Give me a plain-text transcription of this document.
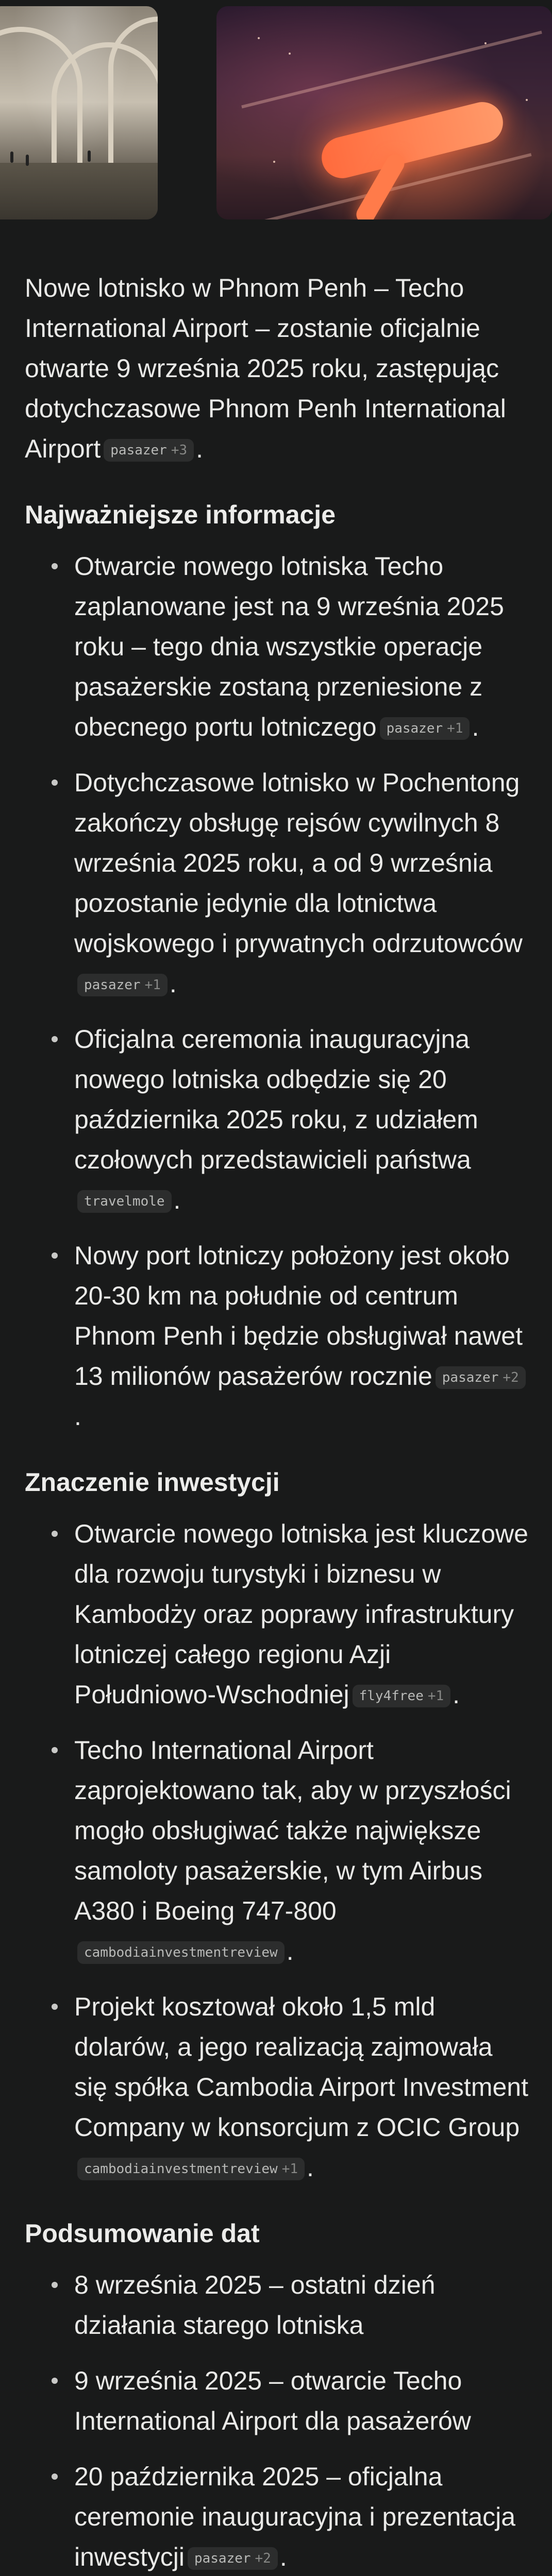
Nowe lotnisko w Phnom Penh – Techo International Airport – zostanie oficjalnie otwarte 9 września 2025 roku, zastępując dotychczasowe Phnom Penh International Airport pasazer +3 .

Najważniejsze informacje
Otwarcie nowego lotniska Techo zaplanowane jest na 9 września 2025 roku – tego dnia wszystkie operacje pasażerskie zostaną przeniesione z obecnego portu lotniczego pasazer +1 .
Dotychczasowe lotnisko w Pochentong zakończy obsługę rejsów cywilnych 8 września 2025 roku, a od 9 września pozostanie jedynie dla lotnictwa wojskowego i prywatnych odrzutowcówpasazer +1 .
Oficjalna ceremonia inauguracyjna nowego lotniska odbędzie się 20 października 2025 roku, z udziałem czołowych przedstawicieli państwatravelmole .
Nowy port lotniczy położony jest około 20-30 km na południe od centrum Phnom Penh i będzie obsługiwał nawet 13 milionów pasażerów rocznie pasazer +2.
Znaczenie inwestycji
Otwarcie nowego lotniska jest kluczowe dla rozwoju turystyki i biznesu w Kambodży oraz poprawy infrastruktury lotniczej całego regionu Azji Południowo-Wschodniej fly4free +1 .
Techo International Airport zaprojektowano tak, aby w przyszłości mogło obsługiwać także największe samoloty pasażerskie, w tym Airbus A380 i Boeing 747-800cambodiainvestmentreview .
Projekt kosztował około 1,5 mld dolarów, a jego realizacją zajmowała się spółka Cambodia Airport Investment Company w konsorcjum z OCIC Groupcambodiainvestmentreview +1 .
Podsumowanie dat
8 września 2025 – ostatni dzień działania starego lotniska
9 września 2025 – otwarcie Techo International Airport dla pasażerów
20 października 2025 – oficjalna ceremonie inauguracyjna i prezentacja inwestycji pasazer +2 .
